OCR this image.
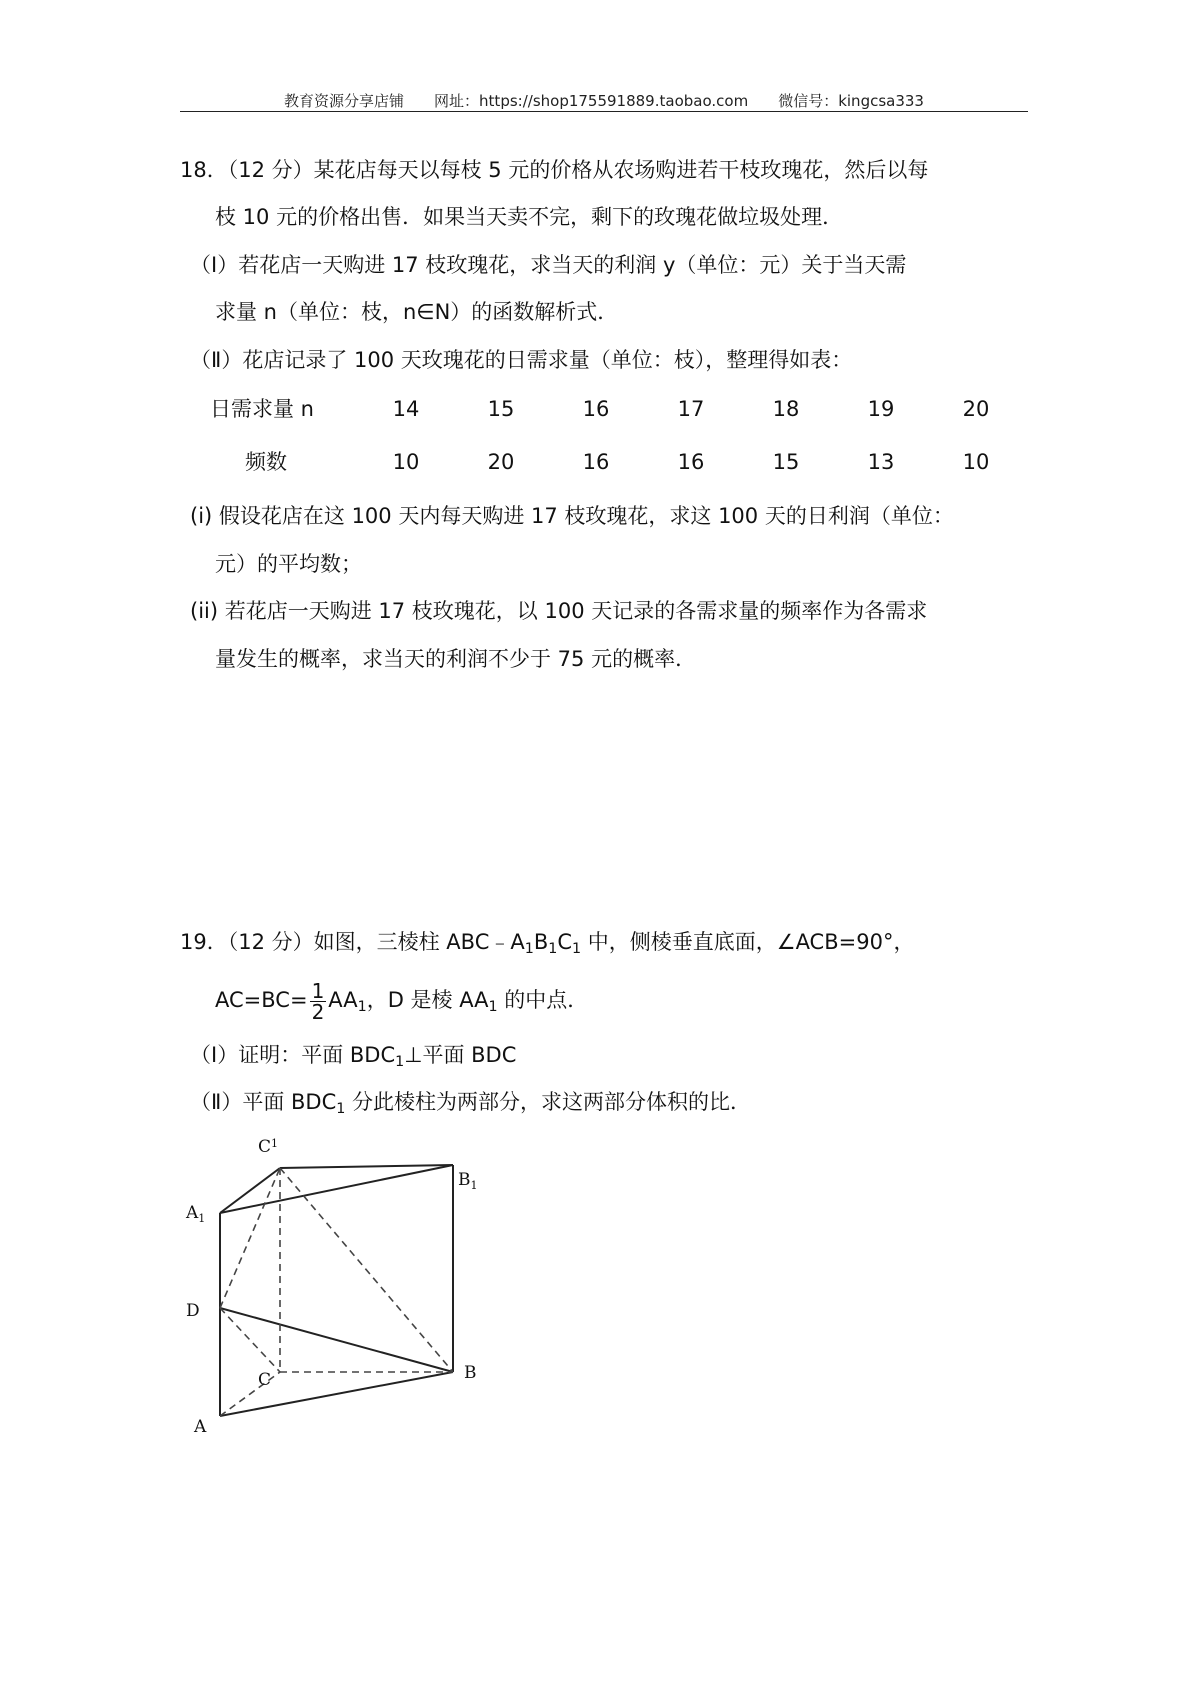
教育资源分享店铺 网址：https://shop175591889.taobao.com 微信号：kingcsa333
18．（12 分）某花店每天以每枝 5 元的价格从农场购进若干枝玫瑰花，然后以每
枝 10 元的价格出售．如果当天卖不完，剩下的玫瑰花做垃圾处理．
（Ⅰ）若花店一天购进 17 枝玫瑰花，求当天的利润 y（单位：元）关于当天需
求量 n（单位：枝，n∈N）的函数解析式．
（Ⅱ）花店记录了 100 天玫瑰花的日需求量（单位：枝），整理得如表：
日需求量 n	14	15	16	17	18	19	20
频数	10	20	16	16	15	13	10
(i) 假设花店在这 100 天内每天购进 17 枝玫瑰花，求这 100 天的日利润（单位：
元）的平均数；
(ii) 若花店一天购进 17 枝玫瑰花，以 100 天记录的各需求量的频率作为各需求
量发生的概率，求当天的利润不少于 75 元的概率．
19．（12 分）如图，三棱柱 $ABC﹣A_1B_1C_1$ 中，侧棱垂直底面，∠ACB=90°，
$AC=BC= \frac{1}{2} AA_1$，D 是棱 $AA_1$ 的中点．
（Ⅰ）证明：平面 $BDC_1\perp$平面 BDC
（Ⅱ）平面 $BDC_1$ 分此棱柱为两部分，求这两部分体积的比．
$C^1$
$B_1$
$A_1$
D
C	B
A
